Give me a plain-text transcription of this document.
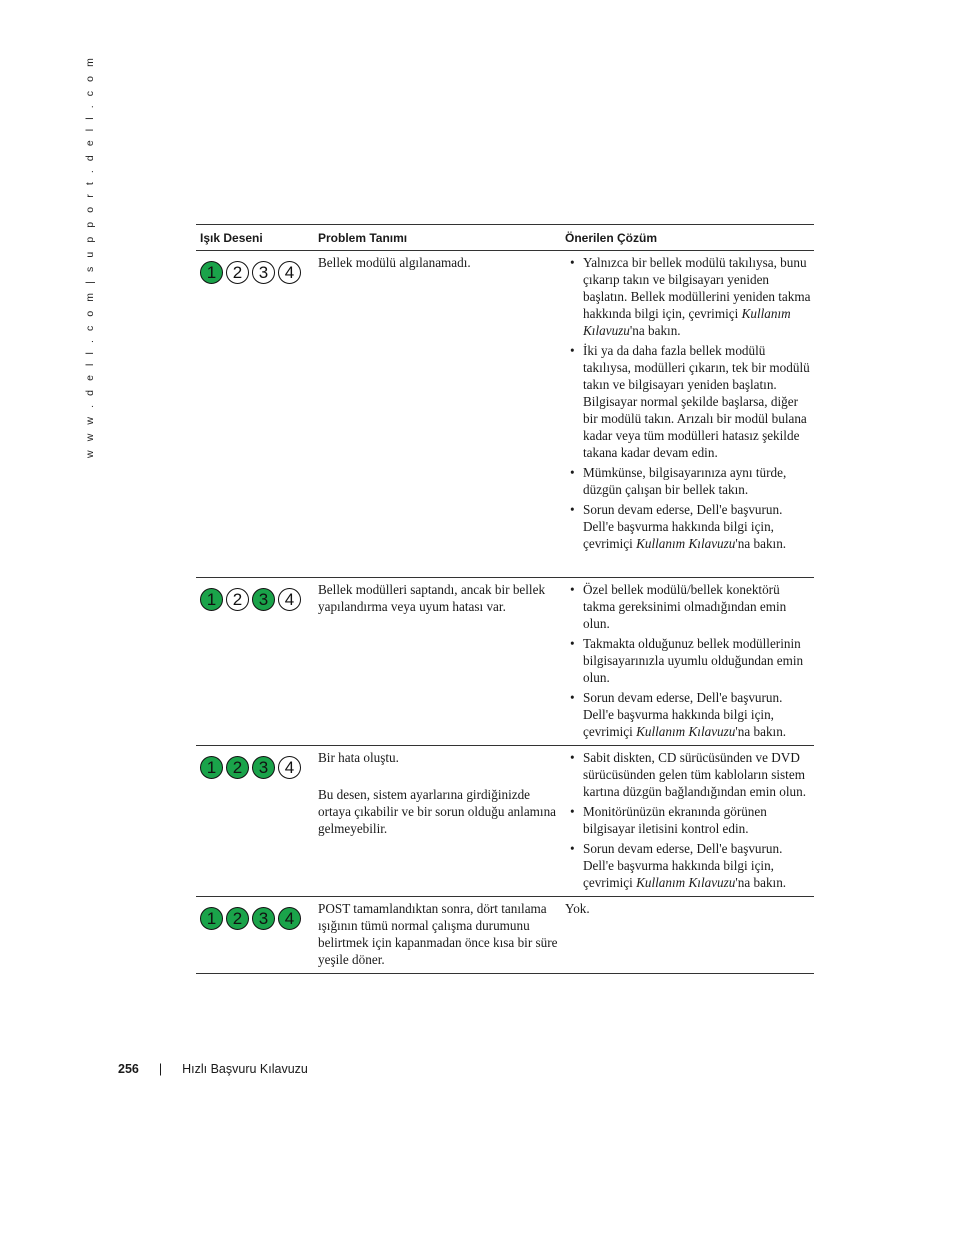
w w w . d e l l . c o m | s u p p o r t . d e l l . c o m	Işık Deseni	Problem Tanımı	Önerilen Çözüm
1 2 3 4

Bellek modülü algılanamadı.

•	Yalnızca bir bellek modülü takılıysa, bunu çıkarıp takın ve bilgisayarı yeniden başlatın. Bellek modüllerini yeniden takma hakkında bilgi için, çevrimiçi Kullanım Kılavuzu'na bakın.
• İki ya da daha fazla bellek modülü takılıysa, modülleri çıkarın, tek bir modülü takın ve bilgisayarı yeniden başlatın. Bilgisayar normal şekilde başlarsa, diğer bir modülü takın. Arızalı bir modül bulana kadar veya tüm modülleri hatasız şekilde takana kadar devam edin.
• Mümkünse, bilgisayarınıza aynı türde, düzgün çalışan bir bellek takın.
• Sorun devam ederse, Dell'e başvurun. Dell'e başvurma hakkında bilgi için, çevrimiçi Kullanım Kılavuzu'na bakın.
1 2 3 4

Bellek modülleri saptandı, ancak bir bellek yapılandırma veya uyum hatası var.

• Özel bellek modülü/bellek konektörü takma gereksinimi olmadığından emin olun.
• Takmakta olduğunuz bellek modüllerinin bilgisayarınızla uyumlu olduğundan emin olun.
• Sorun devam ederse, Dell'e başvurun. Dell'e başvurma hakkında bilgi için, çevrimiçi Kullanım Kılavuzu'na bakın.
1 2 3 4

Bir hata oluştu.

Bu desen, sistem ayarlarına girdiğinizde ortaya çıkabilir ve bir sorun olduğu anlamına gelmeyebilir.

• Sabit diskten, CD sürücüsünden ve DVD sürücüsünden gelen tüm kabloların sistem kartına düzgün bağlandığından emin olun.
• Monitörünüzün ekranında görünen bilgisayar iletisini kontrol edin.
• Sorun devam ederse, Dell'e başvurun. Dell'e başvurma hakkında bilgi için, çevrimiçi Kullanım Kılavuzu'na bakın.
1 2 3 4

POST tamamlandıktan sonra, dört tanılama ışığının tümü normal çalışma durumunu belirtmek için kapanmadan önce kısa bir süre yeşile döner.

Yok.

256 | Hızlı Başvuru Kılavuzu
